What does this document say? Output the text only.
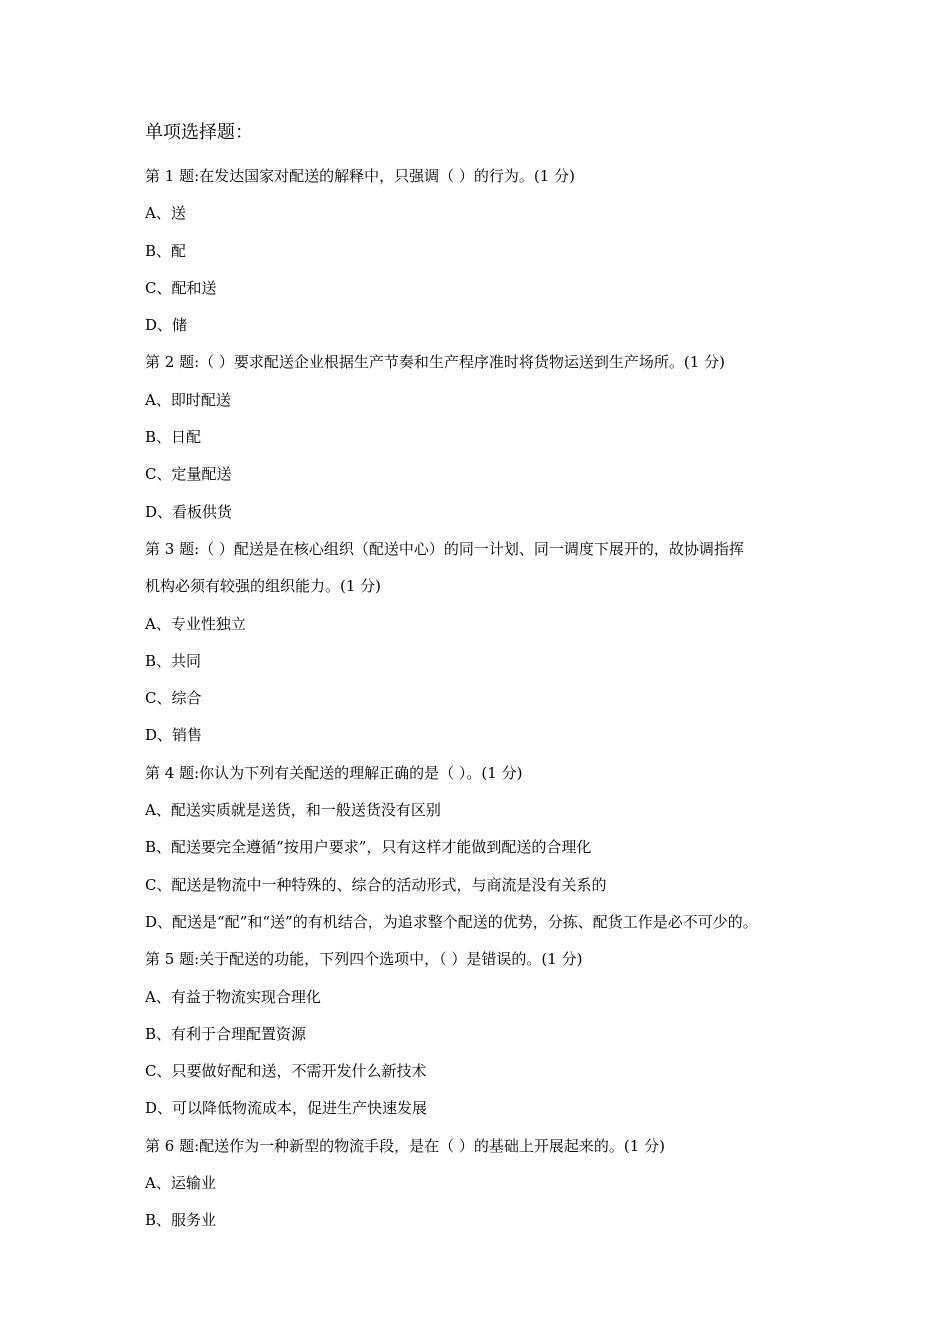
单项选择题：
第 1 题:在发达国家对配送的解释中，只强调（ ）的行为。(1 分)
A、送
B、配
C、配和送
D、储
第 2 题:（ ）要求配送企业根据生产节奏和生产程序准时将货物运送到生产场所。(1 分)
A、即时配送
B、日配
C、定量配送
D、看板供货
第 3 题:（ ）配送是在核心组织（配送中心）的同一计划、同一调度下展开的，故协调指挥
机构必须有较强的组织能力。(1 分)
A、专业性独立
B、共同
C、综合
D、销售
第 4 题:你认为下列有关配送的理解正确的是（ ）。(1 分)
A、配送实质就是送货，和一般送货没有区别
B、配送要完全遵循“按用户要求”，只有这样才能做到配送的合理化
C、配送是物流中一种特殊的、综合的活动形式，与商流是没有关系的
D、配送是“配”和“送”的有机结合，为追求整个配送的优势，分拣、配货工作是必不可少的。
第 5 题:关于配送的功能，下列四个选项中，（ ）是错误的。(1 分)
A、有益于物流实现合理化
B、有利于合理配置资源
C、只要做好配和送，不需开发什么新技术
D、可以降低物流成本，促进生产快速发展
第 6 题:配送作为一种新型的物流手段，是在（ ）的基础上开展起来的。(1 分)
A、运输业
B、服务业
